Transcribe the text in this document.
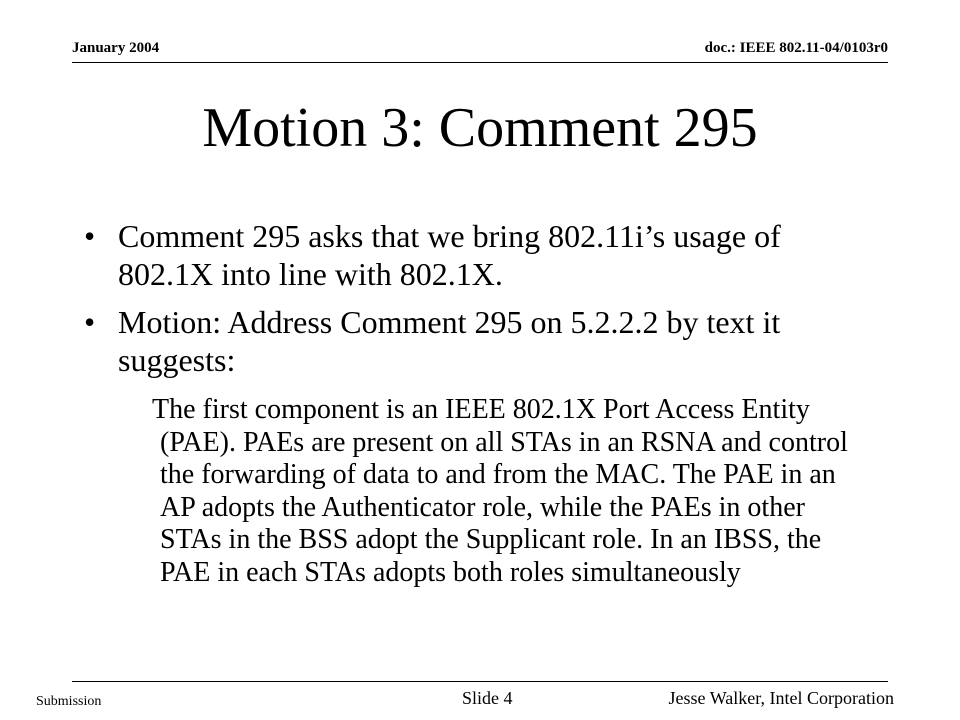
January 2004	doc.: IEEE 802.11-04/0103r0
Motion 3: Comment 295
• Comment 295 asks that we bring 802.11i’s usage of 802.1X into line with 802.1X.
• Motion: Address Comment 295 on 5.2.2.2 by text it suggests:
The first component is an IEEE 802.1X Port Access Entity (PAE). PAEs are present on all STAs in an RSNA and control the forwarding of data to and from the MAC. The PAE in an AP adopts the Authenticator role, while the PAEs in other STAs in the BSS adopt the Supplicant role. In an IBSS, the PAE in each STAs adopts both roles simultaneously
Submission	Slide 4	Jesse Walker, Intel Corporation
